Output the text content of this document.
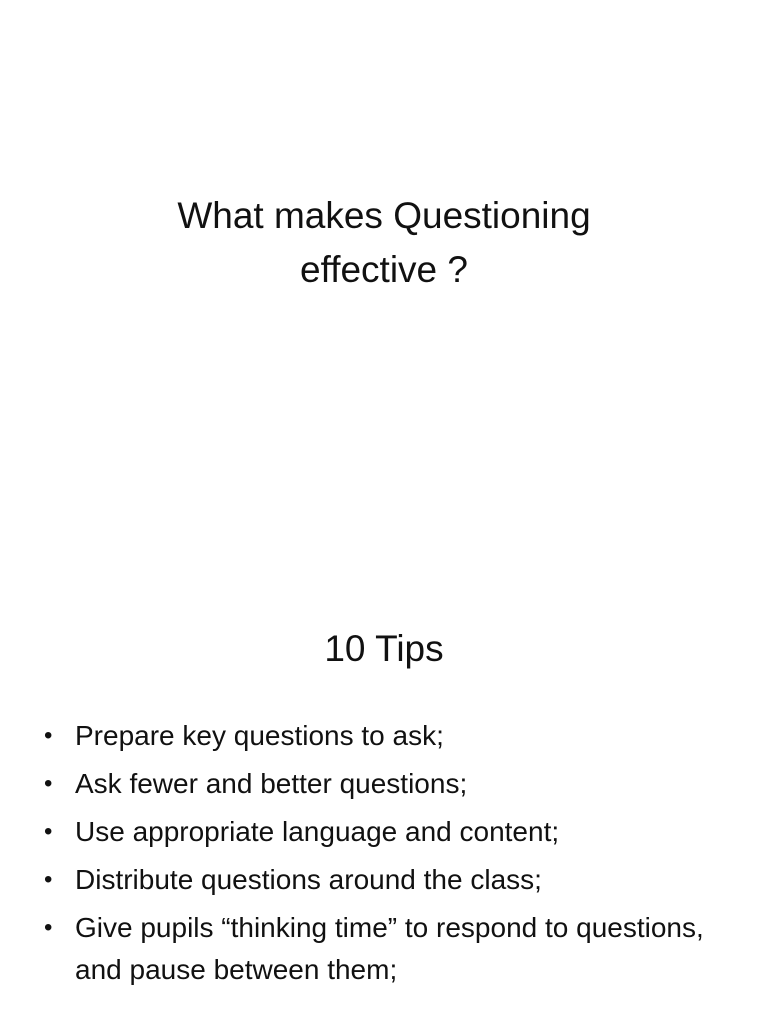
What makes Questioning
effective ?
10 Tips
• Prepare key questions to ask;
• Ask fewer and better questions;
• Use appropriate language and content;
• Distribute questions around the class;
• Give pupils “thinking time” to respond to questions, and pause between them;
